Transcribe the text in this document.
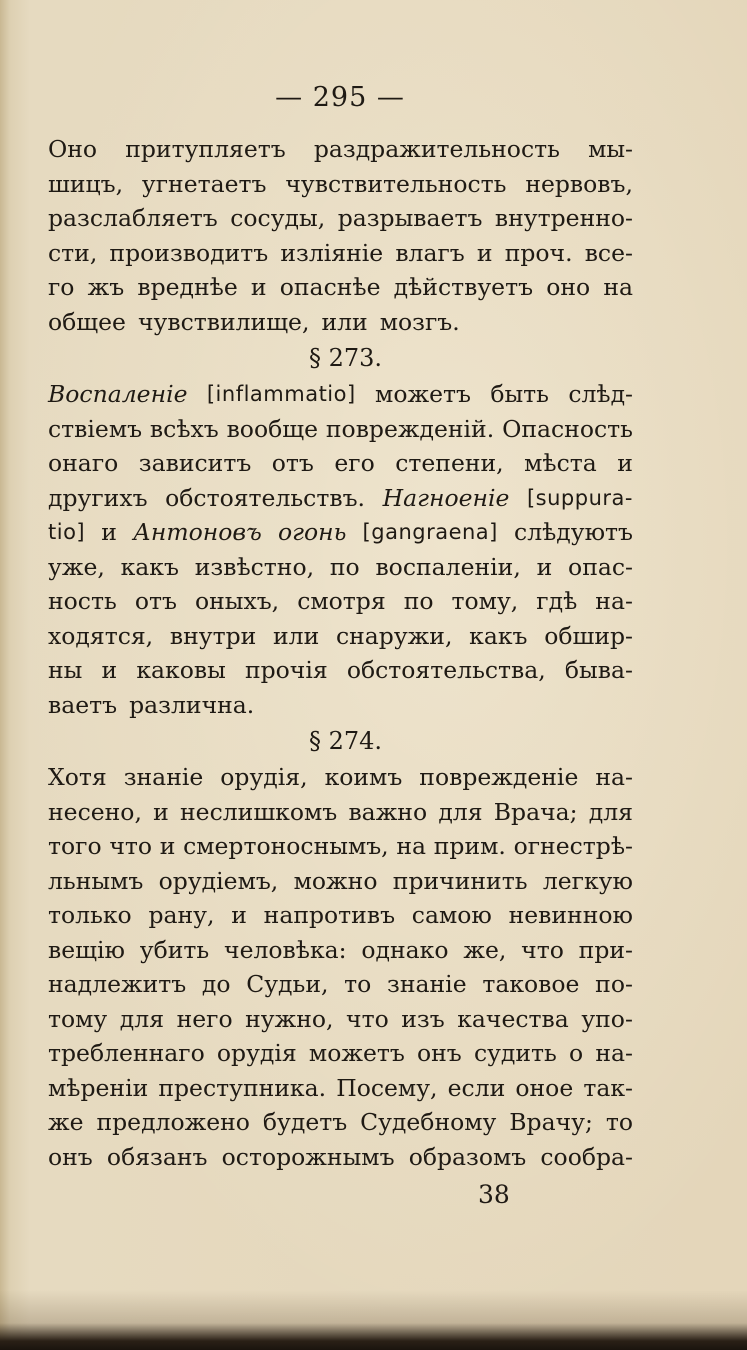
— 295 —
Оно притупляетъ раздражительность мы-
шицъ, угнетаетъ чувствительность нервовъ,
разслабляетъ сосуды, разрываетъ внутренно-
сти, производитъ изліяніе влагъ и проч. все-
го жъ вреднѣе и опаснѣе дѣйствуетъ оно на
общее чувствилище, или мозгъ.
§ 273.
Воспаленіе [inflammatio] можетъ быть слѣд-
ствіемъ всѣхъ вообще поврежденій. Опасность
онаго зависитъ отъ его степени, мѣста и
другихъ обстоятельствъ. Нагноеніе [suppura-
tio] и Антоновъ огонь [gangraena] слѣдуютъ
уже, какъ извѣстно, по воспаленіи, и опас-
ность отъ оныхъ, смотря по тому, гдѣ на-
ходятся, внутри или снаружи, какъ обшир-
ны и каковы прочія обстоятельства, быва-
ваетъ различна.
§ 274.
Хотя знаніе орудія, коимъ поврежденіе на-
несено, и неслишкомъ важно для Врача; для
того что и смертоноснымъ, на прим. огнестрѣ-
льнымъ орудіемъ, можно причинить легкую
только рану, и напротивъ самою невинною
вещію убить человѣка: однако же, что при-
надлежитъ до Судьи, то знаніе таковое по-
тому для него нужно, что изъ качества упо-
требленнаго орудія можетъ онъ судить о на-
мѣреніи преступника. Посему, если оное так-
же предложено будетъ Судебному Врачу; то
онъ обязанъ осторожнымъ образомъ сообра-
38
